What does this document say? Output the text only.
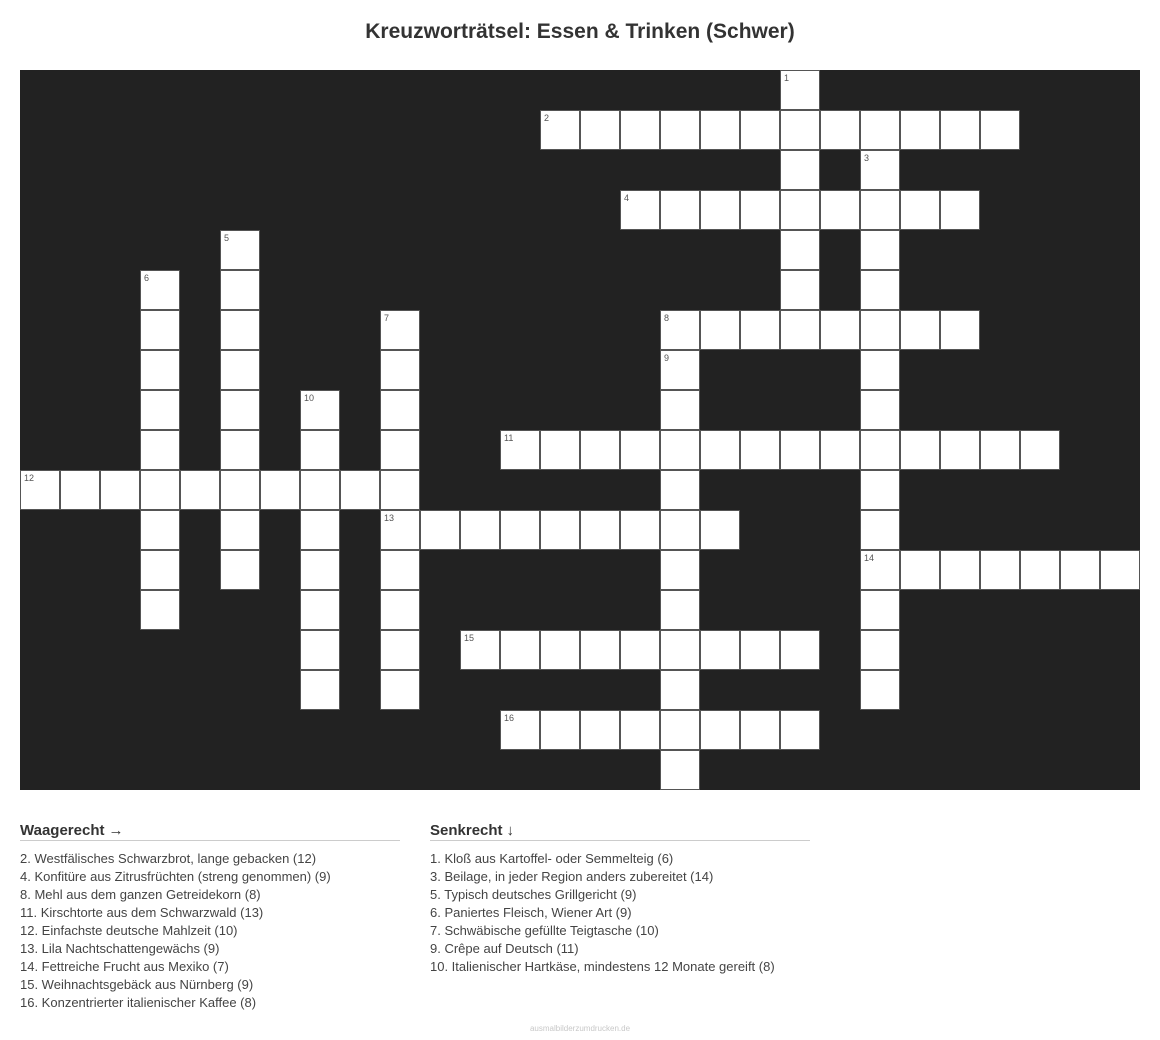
Kreuzworträtsel: Essen & Trinken (Schwer)
1
2
3
14
4
5
6
7
13
8
9
10
11
12
15
16
Waagerecht →
2. Westfälisches Schwarzbrot, lange gebacken (12)
4. Konfitüre aus Zitrusfrüchten (streng genommen) (9)
8. Mehl aus dem ganzen Getreidekorn (8)
11. Kirschtorte aus dem Schwarzwald (13)
12. Einfachste deutsche Mahlzeit (10)
13. Lila Nachtschattengewächs (9)
14. Fettreiche Frucht aus Mexiko (7)
15. Weihnachtsgebäck aus Nürnberg (9)
16. Konzentrierter italienischer Kaffee (8)
Senkrecht ↓
1. Kloß aus Kartoffel- oder Semmelteig (6)
3. Beilage, in jeder Region anders zubereitet (14)
5. Typisch deutsches Grillgericht (9)
6. Paniertes Fleisch, Wiener Art (9)
7. Schwäbische gefüllte Teigtasche (10)
9. Crêpe auf Deutsch (11)
10. Italienischer Hartkäse, mindestens 12 Monate gereift (8)
ausmalbilderzumdrucken.de
